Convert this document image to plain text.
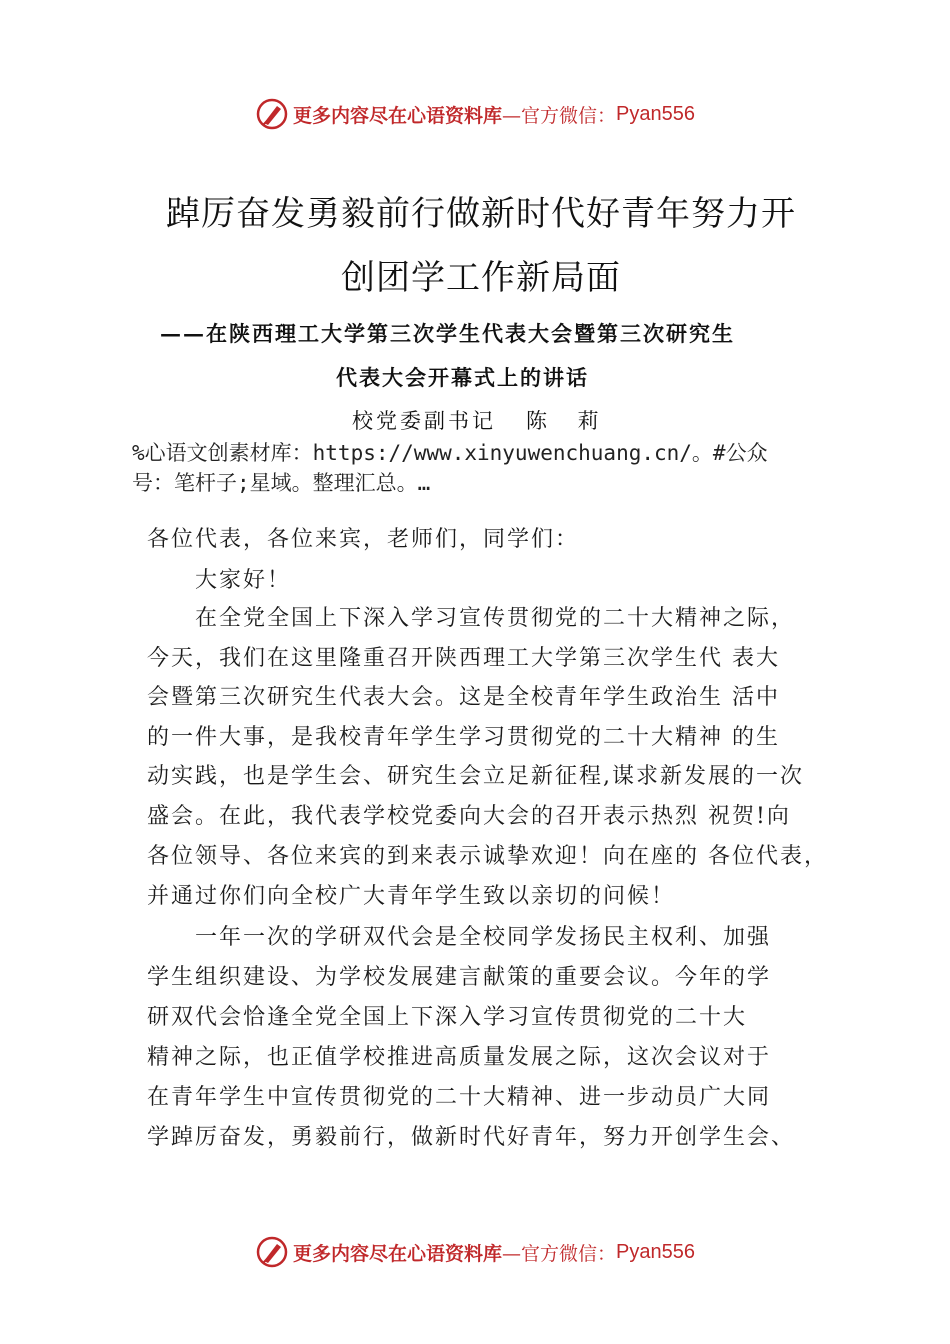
更多内容尽在心语资料库 —官方微信： Pyan556
踔厉奋发勇毅前行做新时代好青年努力开
创团学工作新局面
——在陕西理工大学第三次学生代表大会暨第三次研究生
代表大会开幕式上的讲话
校党委副书记 陈 莉
%心语文创素材库：https://www.xinyuwenchuang.cn/。#公众
号：笔杆子;星域。整理汇总。…
各位代表，各位来宾，老师们，同学们：
　　大家好！
　　在全党全国上下深入学习宣传贯彻党的二十大精神之际，
今天，我们在这里隆重召开陕西理工大学第三次学生代 表大
会暨第三次研究生代表大会。这是全校青年学生政治生 活中
的一件大事，是我校青年学生学习贯彻党的二十大精神 的生
动实践，也是学生会、研究生会立足新征程,谋求新发展的一次
盛会。在此，我代表学校党委向大会的召开表示热烈 祝贺!向
各位领导、各位来宾的到来表示诚挚欢迎！向在座的 各位代表，
并通过你们向全校广大青年学生致以亲切的问候！
　　一年一次的学研双代会是全校同学发扬民主权利、加强
学生组织建设、为学校发展建言献策的重要会议。今年的学
研双代会恰逢全党全国上下深入学习宣传贯彻党的二十大
精神之际，也正值学校推进高质量发展之际，这次会议对于
在青年学生中宣传贯彻党的二十大精神、进一步动员广大同
学踔厉奋发，勇毅前行，做新时代好青年，努力开创学生会、
更多内容尽在心语资料库 —官方微信： Pyan556
